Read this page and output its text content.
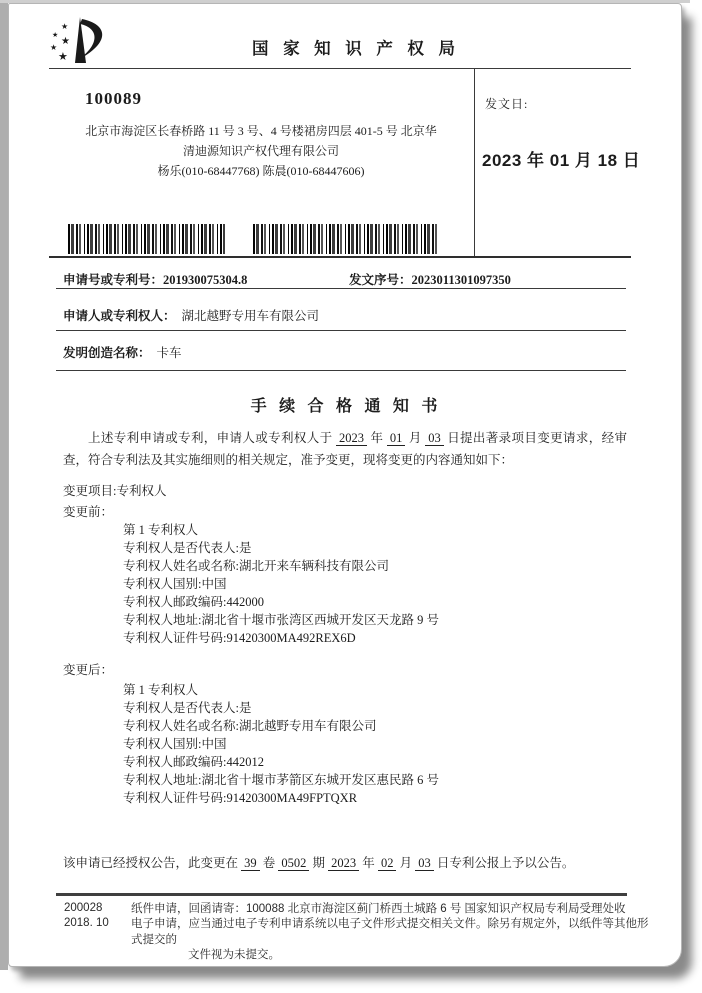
★
★
★
★
★	国 家 知 识 产 权 局
100089
北京市海淀区长春桥路 11 号 3 号、4 号楼裙房四层 401-5 号 北京华
清迪源知识产权代理有限公司
杨乐(010-68447768) 陈晨(010-68447606)
发文日:
2023 年 01 月 18 日
申请号或专利号：201930075304.8	发文序号：2023011301097350
申请人或专利权人： 湖北越野专用车有限公司
发明创造名称： 卡车
手 续 合 格 通 知 书
上述专利申请或专利，申请人或专利权人于 2023 年 01 月 03 日提出著录项目变更请求，经审查，符合专利法及其实施细则的相关规定，准予变更，现将变更的内容通知如下：
变更项目:专利权人
变更前：
第 1 专利权人
专利权人是否代表人:是
专利权人姓名或名称:湖北开来车辆科技有限公司
专利权人国别:中国
专利权人邮政编码:442000
专利权人地址:湖北省十堰市张湾区西城开发区天龙路 9 号
专利权人证件号码:91420300MA492REX6D
变更后：
第 1 专利权人
专利权人是否代表人:是
专利权人姓名或名称:湖北越野专用车有限公司
专利权人国别:中国
专利权人邮政编码:442012
专利权人地址:湖北省十堰市茅箭区东城开发区惠民路 6 号
专利权人证件号码:91420300MA49FPTQXR
该申请已经授权公告，此变更在 39 卷 0502 期 2023 年 02 月 03 日专利公报上予以公告。
200028
2018. 10
纸件申请，回函请寄：100088 北京市海淀区蓟门桥西土城路 6 号 国家知识产权局专利局受理处收
电子申请，应当通过电子专利申请系统以电子文件形式提交相关文件。除另有规定外，以纸件等其他形式提交的
文件视为未提交。
